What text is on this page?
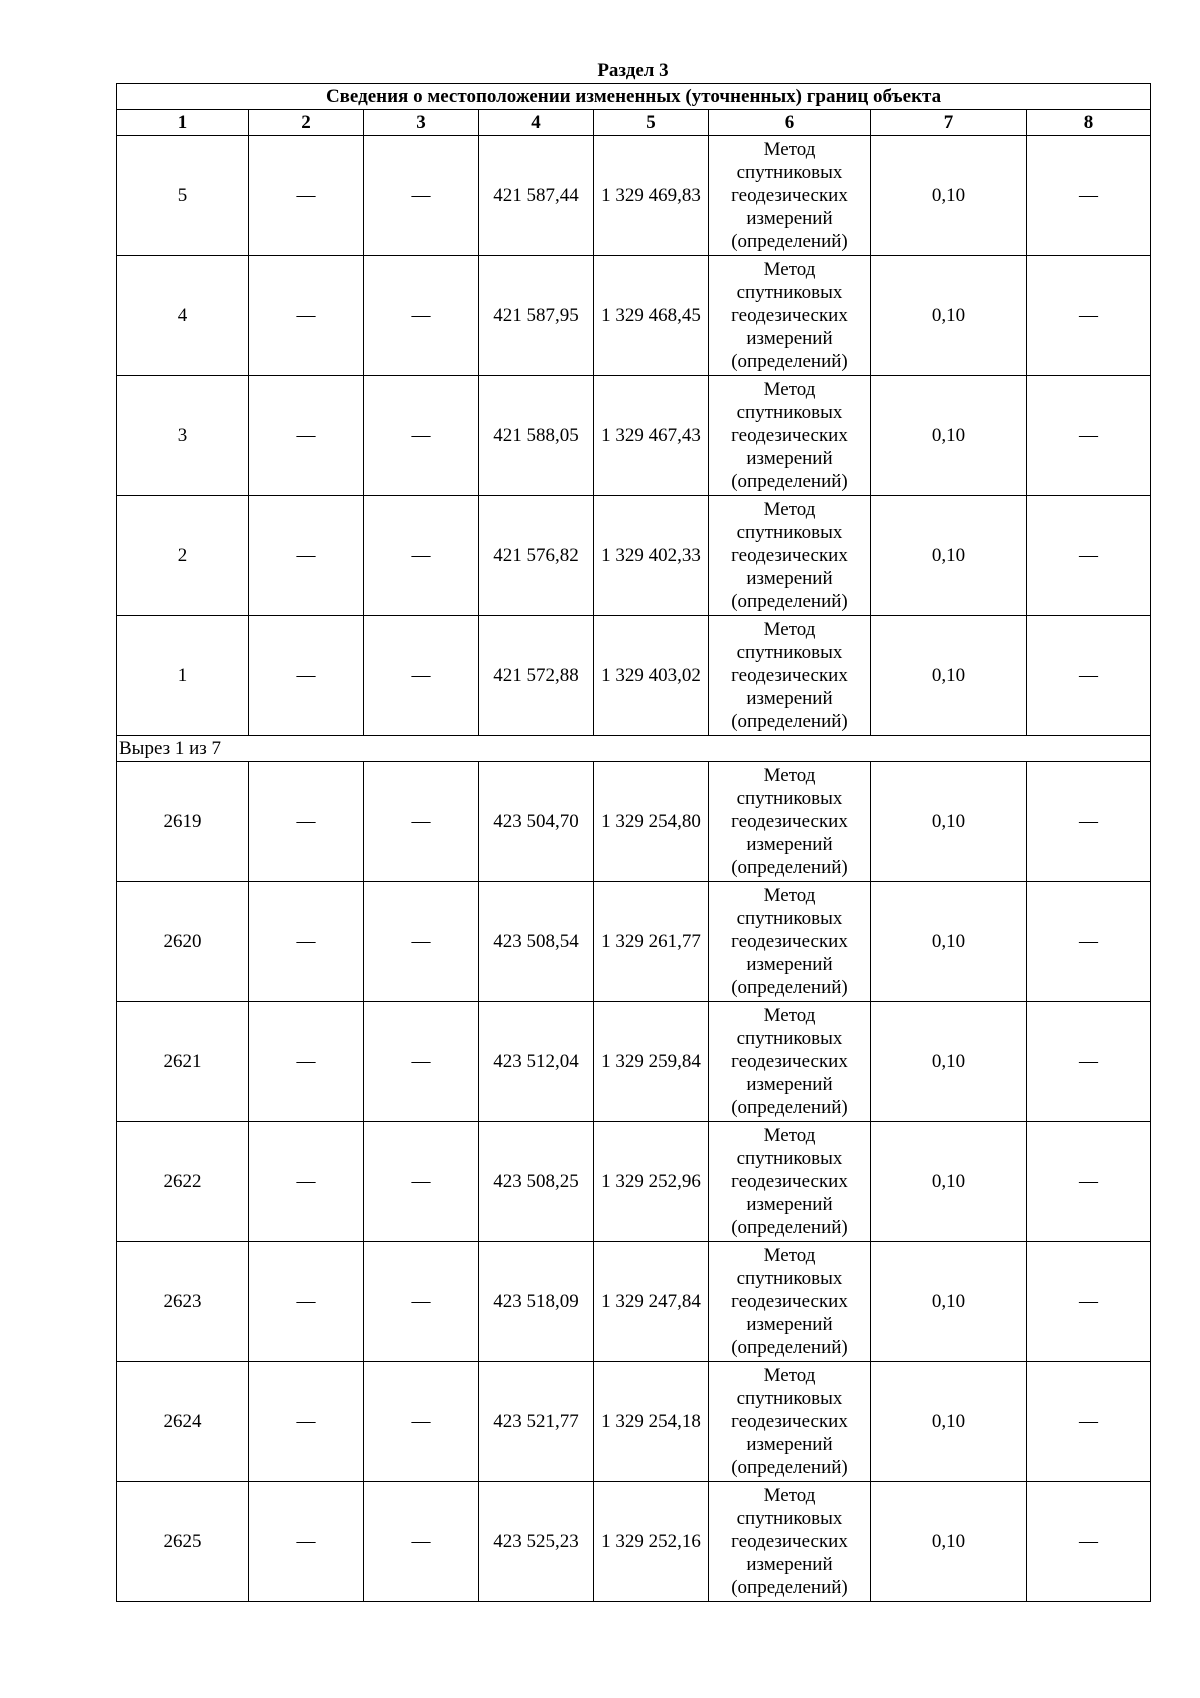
Раздел 3
Сведения о местоположении измененных (уточненных) границ объекта							
1	2	3	4	5	6	7	8
5	—	—	421 587,44	1 329 469,83	Метод спутниковых геодезических измерений (определений)	0,10	—
4	—	—	421 587,95	1 329 468,45	Метод спутниковых геодезических измерений (определений)	0,10	—
3	—	—	421 588,05	1 329 467,43	Метод спутниковых геодезических измерений (определений)	0,10	—
2	—	—	421 576,82	1 329 402,33	Метод спутниковых геодезических измерений (определений)	0,10	—
1	—	—	421 572,88	1 329 403,02	Метод спутниковых геодезических измерений (определений)	0,10	—
Вырез 1 из 7							
2619	—	—	423 504,70	1 329 254,80	Метод спутниковых геодезических измерений (определений)	0,10	—
2620	—	—	423 508,54	1 329 261,77	Метод спутниковых геодезических измерений (определений)	0,10	—
2621	—	—	423 512,04	1 329 259,84	Метод спутниковых геодезических измерений (определений)	0,10	—
2622	—	—	423 508,25	1 329 252,96	Метод спутниковых геодезических измерений (определений)	0,10	—
2623	—	—	423 518,09	1 329 247,84	Метод спутниковых геодезических измерений (определений)	0,10	—
2624	—	—	423 521,77	1 329 254,18	Метод спутниковых геодезических измерений (определений)	0,10	—
2625	—	—	423 525,23	1 329 252,16	Метод спутниковых геодезических измерений (определений)	0,10	—
